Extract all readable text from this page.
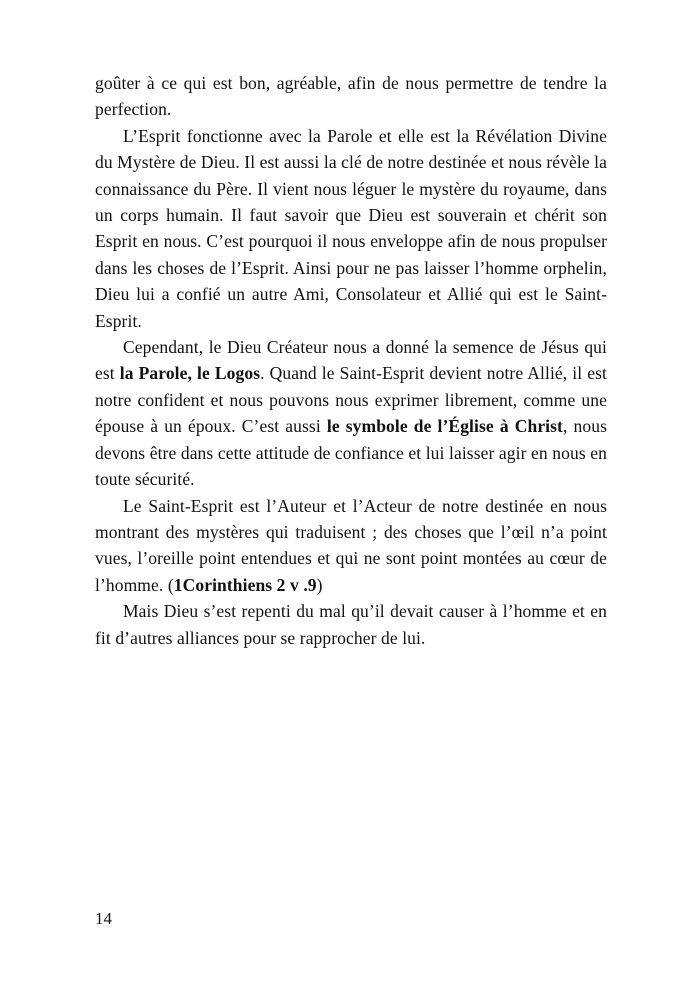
goûter à ce qui est bon, agréable, afin de nous permettre de tendre la perfection.

L’Esprit fonctionne avec la Parole et elle est la Révélation Divine du Mystère de Dieu. Il est aussi la clé de notre destinée et nous révèle la connaissance du Père. Il vient nous léguer le mystère du royaume, dans un corps humain. Il faut savoir que Dieu est souverain et chérit son Esprit en nous. C’est pourquoi il nous enveloppe afin de nous propulser dans les choses de l’Esprit. Ainsi pour ne pas laisser l’homme orphelin, Dieu lui a confié un autre Ami, Consolateur et Allié qui est le Saint-Esprit.

Cependant, le Dieu Créateur nous a donné la semence de Jésus qui est la Parole, le Logos. Quand le Saint-Esprit devient notre Allié, il est notre confident et nous pouvons nous exprimer librement, comme une épouse à un époux. C’est aussi le symbole de l’Église à Christ, nous devons être dans cette attitude de confiance et lui laisser agir en nous en toute sécurité.

Le Saint-Esprit est l’Auteur et l’Acteur de notre destinée en nous montrant des mystères qui traduisent ; des choses que l’œil n’a point vues, l’oreille point entendues et qui ne sont point montées au cœur de l’homme. (1Corinthiens 2 v .9)

Mais Dieu s’est repenti du mal qu’il devait causer à l’homme et en fit d’autres alliances pour se rapprocher de lui.

14
